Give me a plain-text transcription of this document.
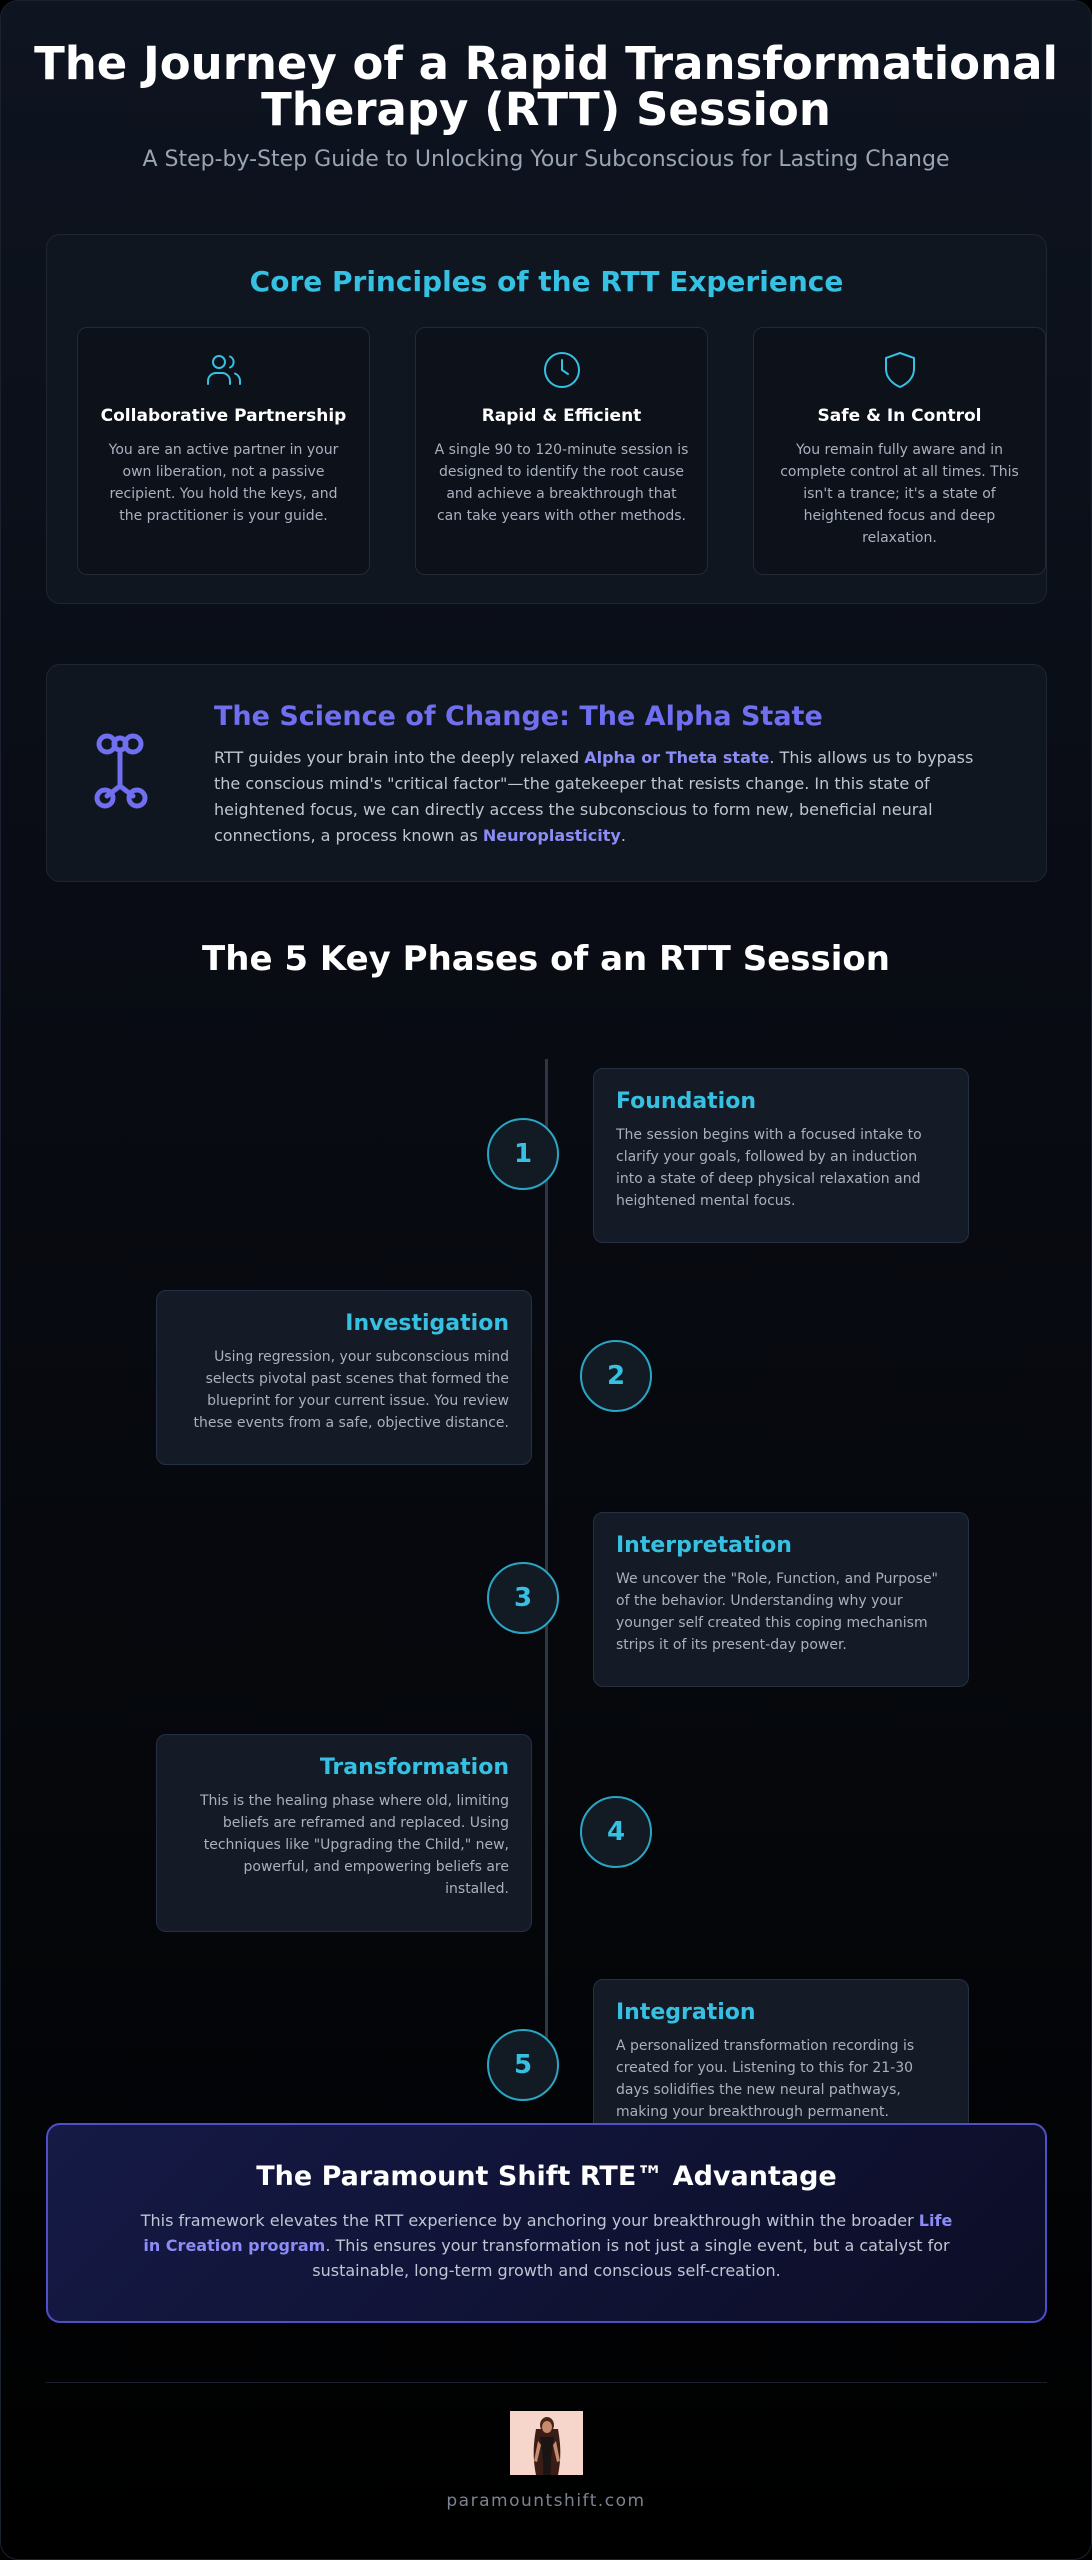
The Journey of a Rapid Transformational
Therapy (RTT) Session
A Step-by-Step Guide to Unlocking Your Subconscious for Lasting Change
Core Principles of the RTT Experience
Collaborative Partnership

You are an active partner in your own liberation, not a passive recipient. You hold the keys, and the practitioner is your guide.

Rapid & Efficient

A single 90 to 120-minute session is designed to identify the root cause and achieve a breakthrough that can take years with other methods.

Safe & In Control

You remain fully aware and in complete control at all times. This isn't a trance; it's a state of heightened focus and deep relaxation.

The Science of Change: The Alpha State

RTT guides your brain into the deeply relaxed Alpha or Theta state. This allows us to bypass the conscious mind's "critical factor"—the gatekeeper that resists change. In this state of heightened focus, we can directly access the subconscious to form new, beneficial neural connections, a process known as Neuroplasticity.

The 5 Key Phases of an RTT Session
1
Foundation

The session begins with a focused intake to clarify your goals, followed by an induction into a state of deep physical relaxation and heightened mental focus.

2
Investigation

Using regression, your subconscious mind selects pivotal past scenes that formed the blueprint for your current issue. You review these events from a safe, objective distance.

3
Interpretation

We uncover the "Role, Function, and Purpose" of the behavior. Understanding why your younger self created this coping mechanism strips it of its present-day power.

4
Transformation

This is the healing phase where old, limiting beliefs are reframed and replaced. Using techniques like "Upgrading the Child," new, powerful, and empowering beliefs are installed.

5
Integration

A personalized transformation recording is created for you. Listening to this for 21-30 days solidifies the new neural pathways, making your breakthrough permanent.

The Paramount Shift RTE™ Advantage

This framework elevates the RTT experience by anchoring your breakthrough within the broader Life in Creation program. This ensures your transformation is not just a single event, but a catalyst for sustainable, long-term growth and conscious self-creation.

paramountshift.com
